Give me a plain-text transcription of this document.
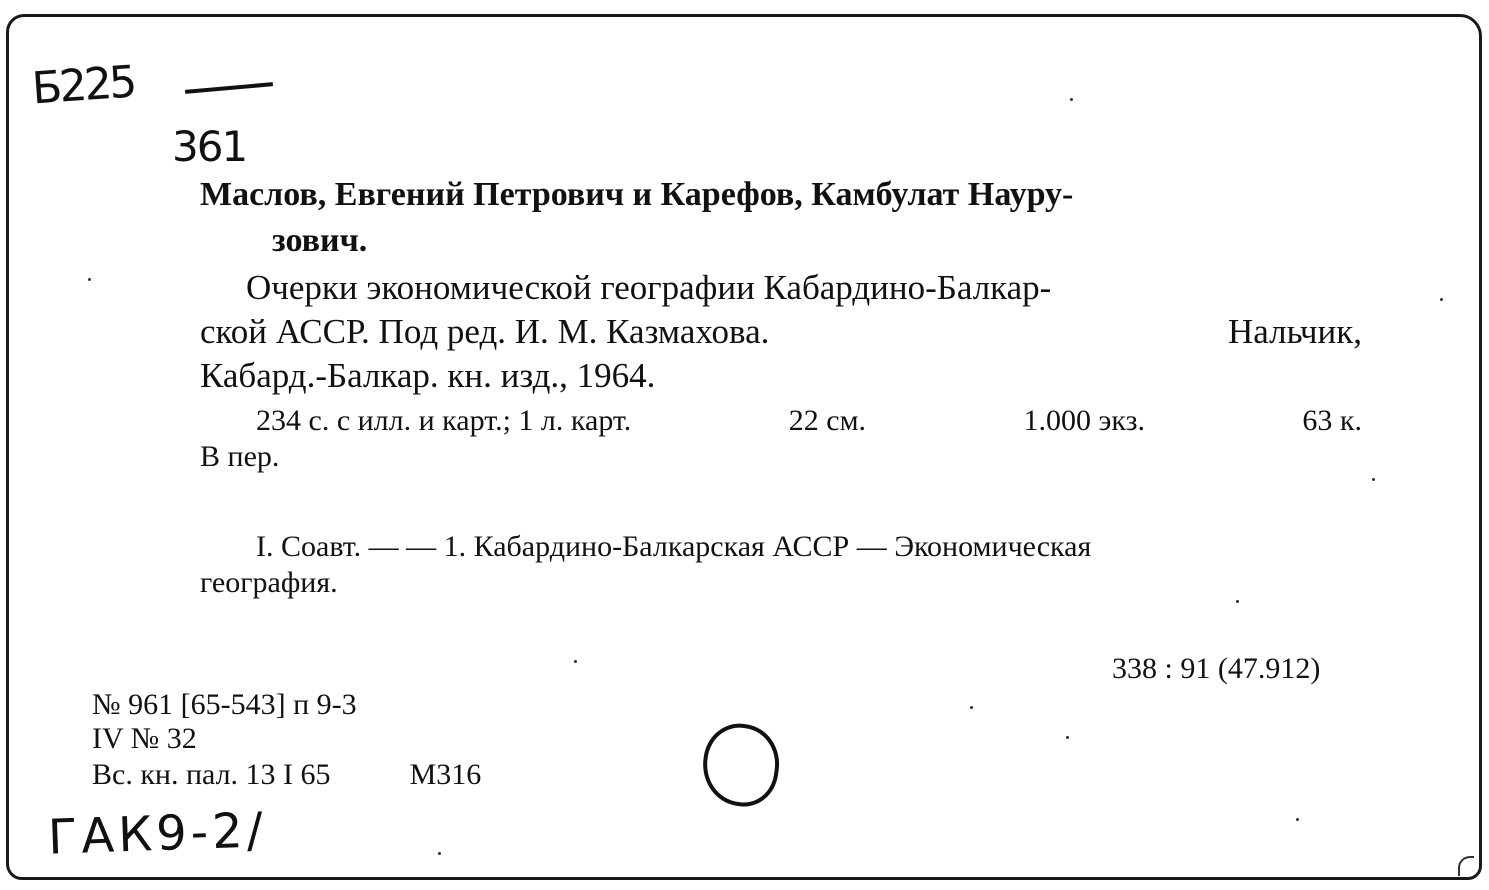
Б225
361
Маслов, Евгений Петрович и Карефов, Камбулат Науру-
зович.
Очерки экономической географии Кабардино-Балкар-
ской АССР. Под ред. И. М. Казмахова.	Нальчик,
Кабард.-Балкар. кн. изд., 1964.
234 с. с илл. и карт.; 1 л. карт.	22 см.	1.000 экз.	63 к.
В пер.
I. Соавт. — — 1. Кабардино-Балкарская АССР — Экономическая
география.
338 : 91 (47.912)
№ 961 [65-543] п 9-3
IV № 32
Вс. кн. пал. 13 I 65	М316
ГАК9-2/
